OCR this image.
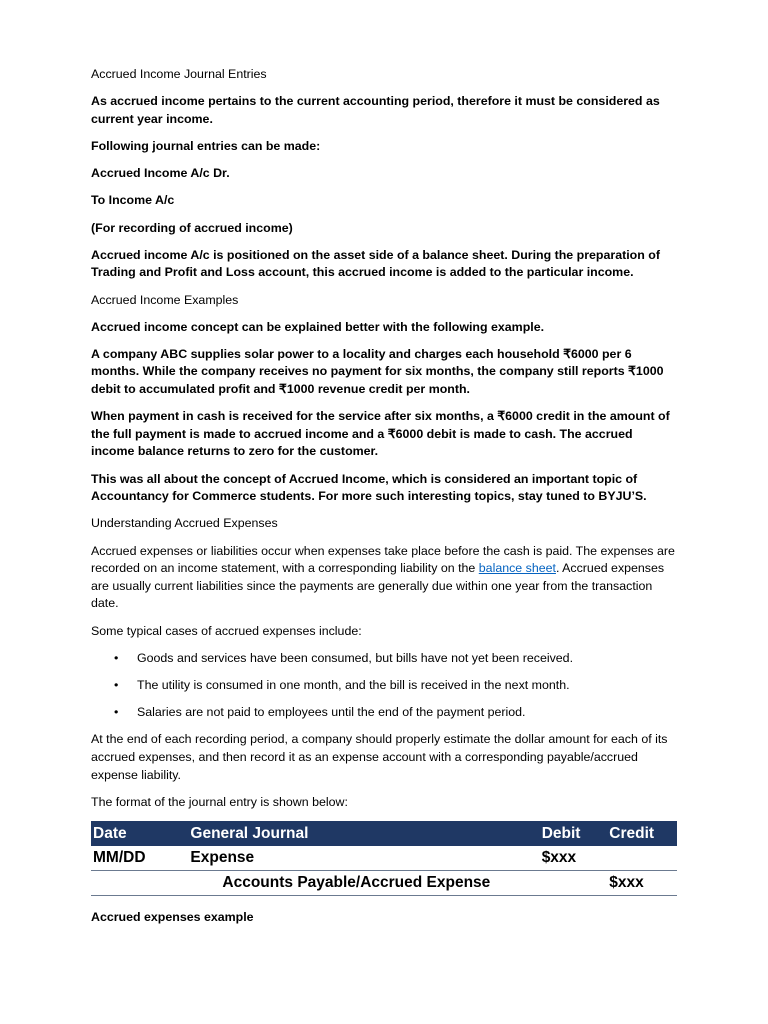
Accrued Income Journal Entries

As accrued income pertains to the current accounting period, therefore it must be considered as current year income.

Following journal entries can be made:

Accrued Income A/c Dr.

To Income A/c

(For recording of accrued income)

Accrued income A/c is positioned on the asset side of a balance sheet. During the preparation of Trading and Profit and Loss account, this accrued income is added to the particular income.

Accrued Income Examples

Accrued income concept can be explained better with the following example.

A company ABC supplies solar power to a locality and charges each household ₹6000 per 6 months. While the company receives no payment for six months, the company still reports ₹1000 debit to accumulated profit and ₹1000 revenue credit per month.

When payment in cash is received for the service after six months, a ₹6000 credit in the amount of the full payment is made to accrued income and a ₹6000 debit is made to cash. The accrued income balance returns to zero for the customer.

This was all about the concept of Accrued Income, which is considered an important topic of Accountancy for Commerce students. For more such interesting topics, stay tuned to BYJU’S.

Understanding Accrued Expenses

Accrued expenses or liabilities occur when expenses take place before the cash is paid. The expenses are recorded on an income statement, with a corresponding liability on the balance sheet. Accrued expenses are usually current liabilities since the payments are generally due within one year from the transaction date.

Some typical cases of accrued expenses include:

• Goods and services have been consumed, but bills have not yet been received.
• The utility is consumed in one month, and the bill is received in the next month.
• Salaries are not paid to employees until the end of the payment period.

At the end of each recording period, a company should properly estimate the dollar amount for each of its accrued expenses, and then record it as an expense account with a corresponding payable/accrued expense liability.

The format of the journal entry is shown below:

Date	General Journal	Debit	Credit
MM/DD	Expense	$xxx	
	Accounts Payable/Accrued Expense		$xxx

Accrued expenses example
